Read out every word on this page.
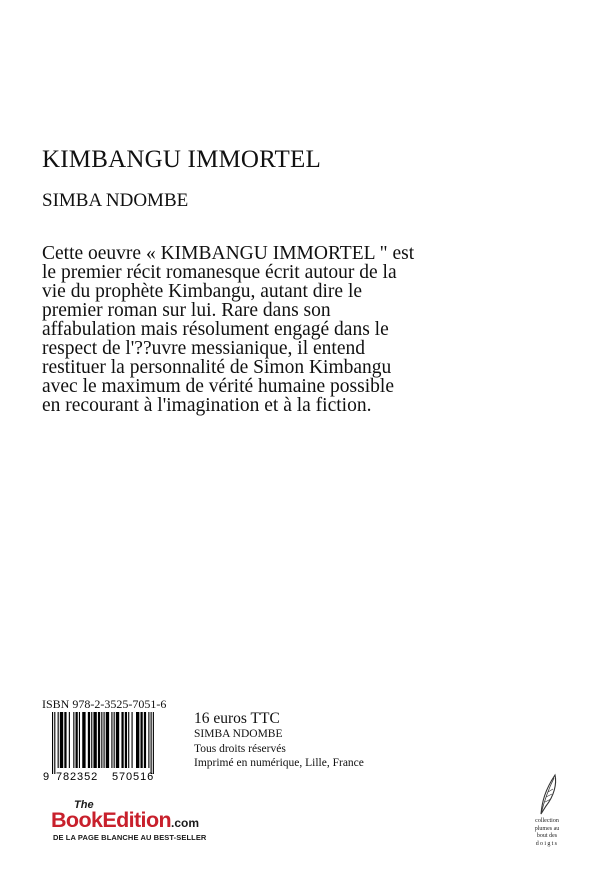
KIMBANGU IMMORTEL
SIMBA NDOMBE
Cette oeuvre « KIMBANGU IMMORTEL " est
le premier récit romanesque écrit autour de la
vie du prophète Kimbangu, autant dire le
premier roman sur lui. Rare dans son
affabulation mais résolument engagé dans le
respect de l'??uvre messianique, il entend
restituer la personnalité de Simon Kimbangu
avec le maximum de vérité humaine possible
en recourant à l'imagination et à la fiction.
ISBN 978-2-3525-7051-6
9 782352 570516
16 euros TTC
SIMBA NDOMBE
Tous droits réservés
Imprimé en numérique, Lille, France
The
BookEdition.com
DE LA PAGE BLANCHE AU BEST-SELLER
collection
plumes au
bout des
doigts
